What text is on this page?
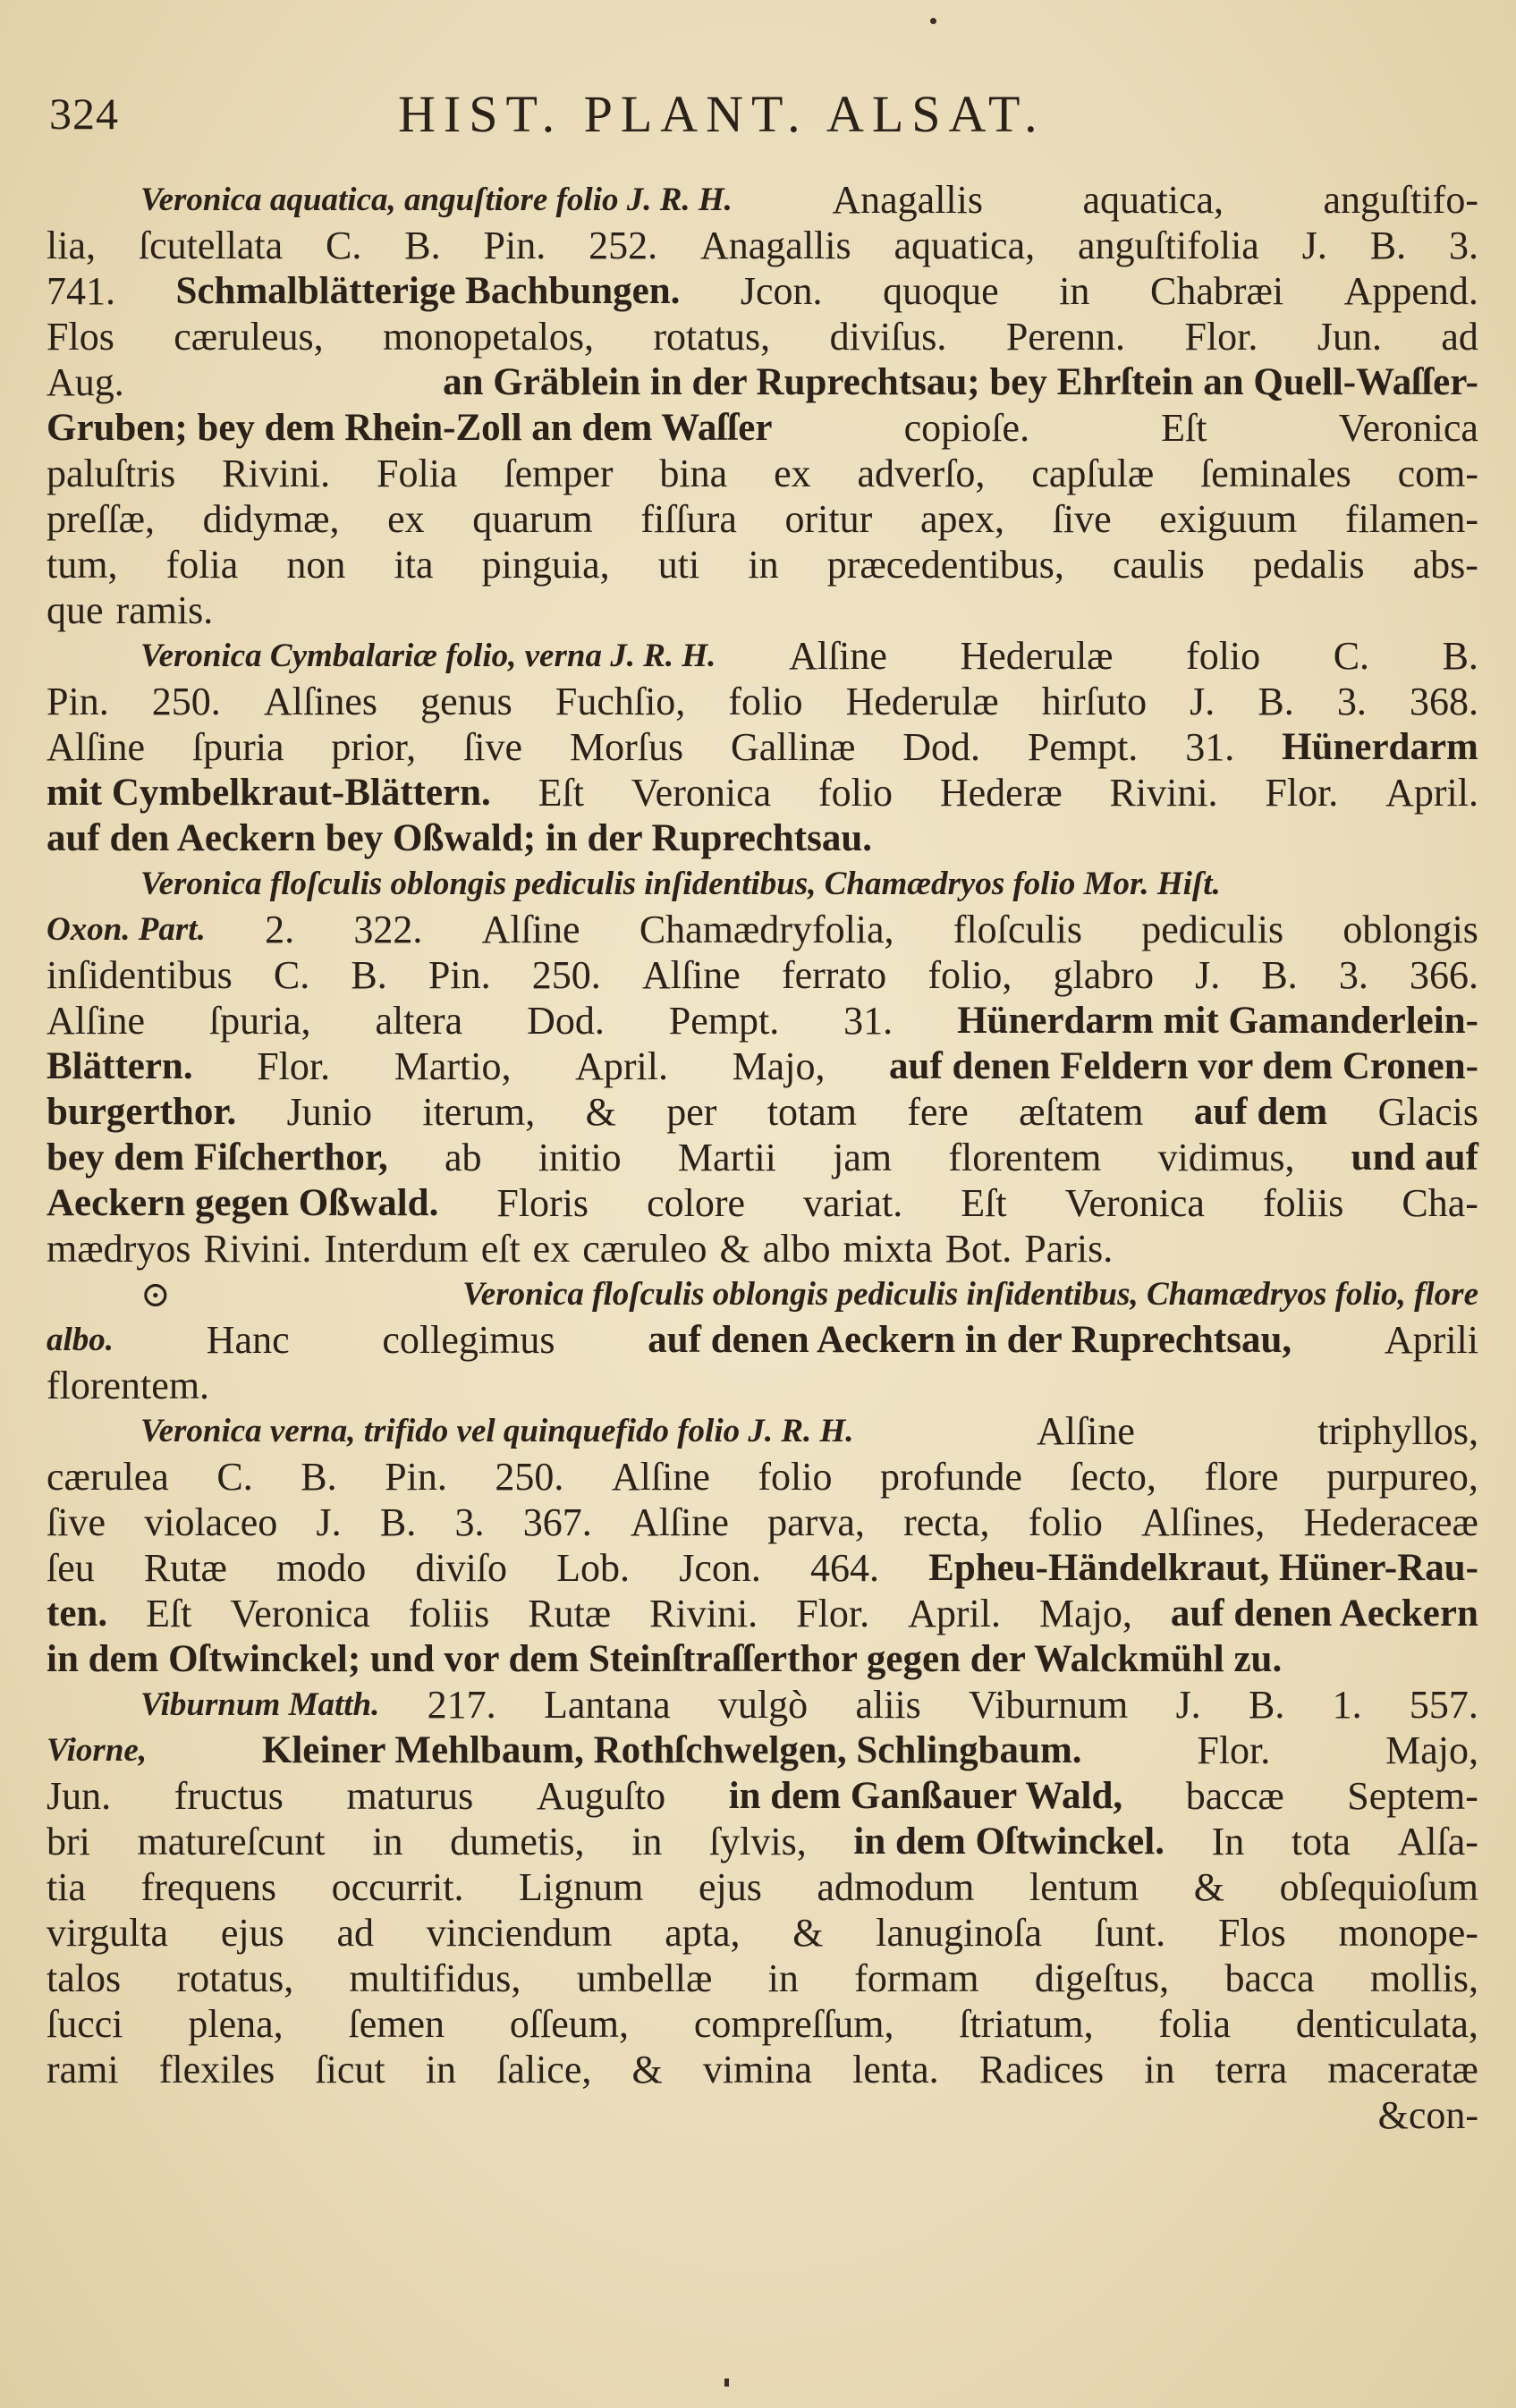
324	HIST. PLANT. ALSAT.
Veronica aquatica, anguſtiore folio J. R. H.	Anagallis	aquatica,	anguſtifo-
lia, ſcutellata C. B. Pin. 252. Anagallis aquatica, anguſtifolia J. B. 3.
741. Schmalblätterige Bachbungen. Jcon. quoque in Chabræi Append.
Flos cæruleus, monopetalos, rotatus, diviſus. Perenn. Flor. Jun. ad
Aug.	an Gräblein in der Ruprechtsau; bey Ehrſtein an Quell-Waſſer-
Gruben; bey dem Rhein-Zoll an dem Waſſer	copioſe.	Eſt	Veronica
paluſtris Rivini. Folia ſemper bina ex adverſo, capſulæ ſeminales com-
preſſæ, didymæ, ex quarum fiſſura oritur apex, ſive exiguum filamen-
tum, folia non ita pinguia, uti in præcedentibus, caulis pedalis abs-
que ramis.
Veronica Cymbalariæ folio, verna J. R. H. Alſine Hederulæ folio C. B.
Pin. 250. Alſines genus Fuchſio, folio Hederulæ hirſuto J. B. 3. 368.
Alſine ſpuria prior, ſive Morſus Gallinæ Dod. Pempt. 31. Hünerdarm
mit Cymbelkraut-Blättern. Eſt Veronica folio Hederæ Rivini. Flor. April.
auf den Aeckern bey Oßwald; in der Ruprechtsau.
Veronica floſculis oblongis pediculis inſidentibus, Chamædryos folio Mor. Hiſt.
Oxon. Part. 2. 322. Alſine Chamædryfolia, floſculis pediculis oblongis
inſidentibus C. B. Pin. 250. Alſine ferrato folio, glabro J. B. 3. 366.
Alſine ſpuria, altera Dod. Pempt. 31. Hünerdarm mit Gamanderlein-
Blättern. Flor. Martio, April. Majo, auf denen Feldern vor dem Cronen-
burgerthor. Junio iterum, & per totam fere æſtatem auf dem Glacis
bey dem Fiſcherthor, ab initio Martii jam florentem vidimus, und auf
Aeckern gegen Oßwald. Floris colore variat. Eſt Veronica foliis Cha-
mædryos Rivini. Interdum eſt ex cæruleo & albo mixta Bot. Paris.
⊙	Veronica floſculis oblongis pediculis inſidentibus, Chamædryos folio, flore
albo. Hanc collegimus auf denen Aeckern in der Ruprechtsau, Aprili
florentem.
Veronica verna, trifido vel quinquefido folio J. R. H.	Alſine	triphyllos,
cærulea C. B. Pin. 250. Alſine folio profunde ſecto, flore purpureo,
ſive violaceo J. B. 3. 367. Alſine parva, recta, folio Alſines, Hederaceæ
ſeu Rutæ modo diviſo Lob. Jcon. 464. Epheu-Händelkraut, Hüner-Rau-
ten. Eſt Veronica foliis Rutæ Rivini. Flor. April. Majo, auf denen Aeckern
in dem Oſtwinckel; und vor dem Steinſtraſſerthor gegen der Walckmühl zu.
Viburnum Matth. 217. Lantana vulgò aliis Viburnum J. B. 1. 557.
Viorne,	Kleiner Mehlbaum, Rothſchwelgen, Schlingbaum.	Flor.	Majo,
Jun. fructus maturus Auguſto in dem Ganßauer Wald, baccæ Septem-
bri matureſcunt in dumetis, in ſylvis, in dem Oſtwinckel. In tota Alſa-
tia frequens occurrit. Lignum ejus admodum lentum & obſequioſum
virgulta ejus ad vinciendum apta, & lanuginoſa ſunt. Flos monope-
talos rotatus, multifidus, umbellæ in formam digeſtus, bacca mollis,
ſucci plena, ſemen oſſeum, compreſſum, ſtriatum, folia denticulata,
rami flexiles ſicut in ſalice, & vimina lenta. Radices in terra maceratæ
& con-
